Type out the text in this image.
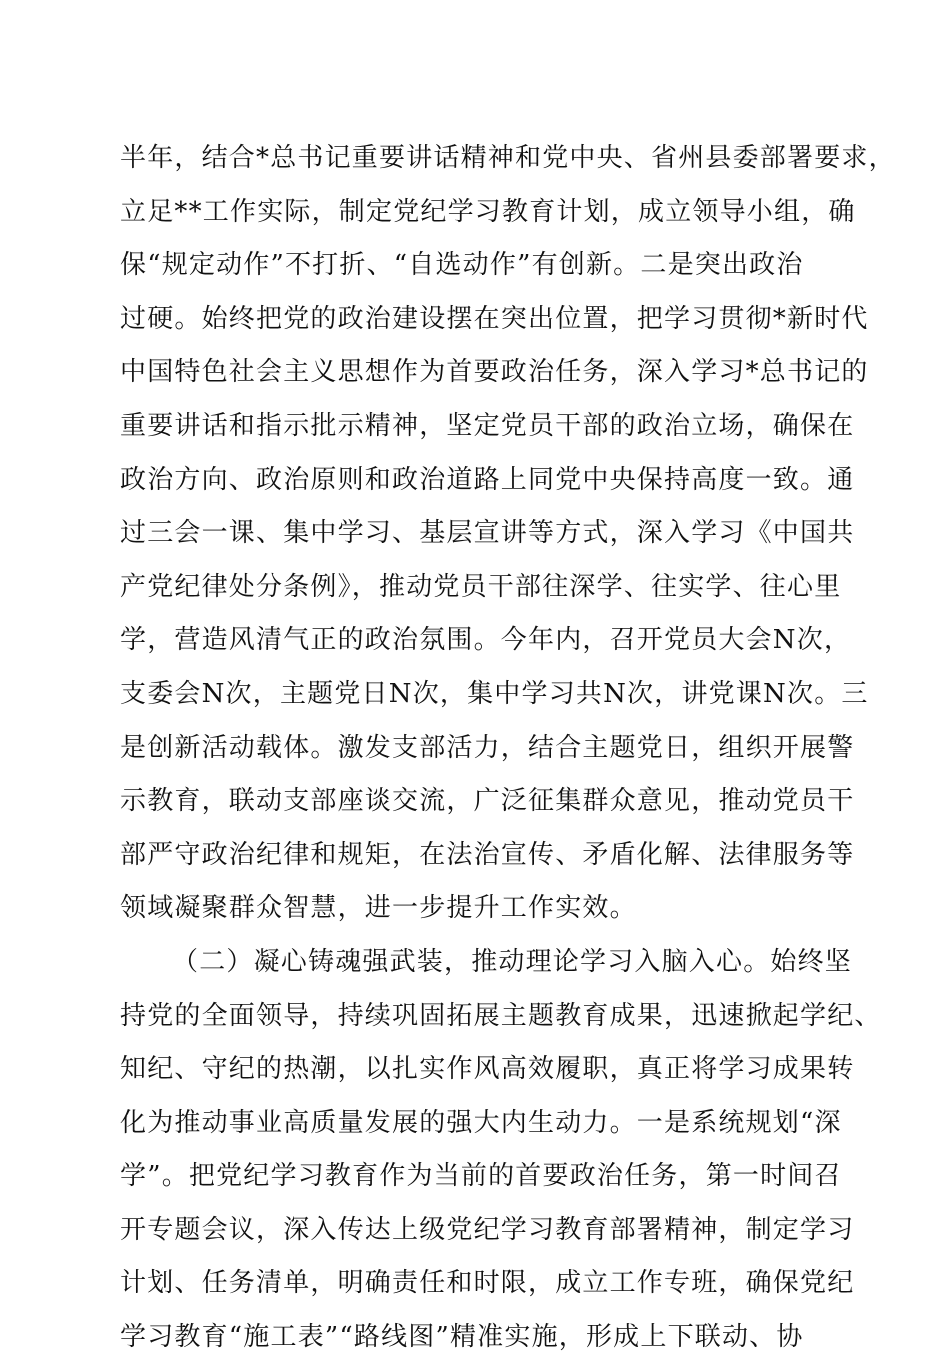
半年，结合*总书记重要讲话精神和党中央、省州县委部署要求，
立足**工作实际，制定党纪学习教育计划，成立领导小组，确
保“规定动作”不打折、“自选动作”有创新。二是突出政治
过硬。始终把党的政治建设摆在突出位置，把学习贯彻*新时代
中国特色社会主义思想作为首要政治任务，深入学习*总书记的
重要讲话和指示批示精神，坚定党员干部的政治立场，确保在
政治方向、政治原则和政治道路上同党中央保持高度一致。通
过三会一课、集中学习、基层宣讲等方式，深入学习《中国共
产党纪律处分条例》，推动党员干部往深学、往实学、往心里
学，营造风清气正的政治氛围。今年内，召开党员大会N次，
支委会N次，主题党日N次，集中学习共N次，讲党课N次。三
是创新活动载体。激发支部活力，结合主题党日，组织开展警
示教育，联动支部座谈交流，广泛征集群众意见，推动党员干
部严守政治纪律和规矩，在法治宣传、矛盾化解、法律服务等
领域凝聚群众智慧，进一步提升工作实效。
（二）凝心铸魂强武装，推动理论学习入脑入心。始终坚
持党的全面领导，持续巩固拓展主题教育成果，迅速掀起学纪、
知纪、守纪的热潮，以扎实作风高效履职，真正将学习成果转
化为推动事业高质量发展的强大内生动力。一是系统规划“深
学”。把党纪学习教育作为当前的首要政治任务，第一时间召
开专题会议，深入传达上级党纪学习教育部署精神，制定学习
计划、任务清单，明确责任和时限，成立工作专班，确保党纪
学习教育“施工表”“路线图”精准实施，形成上下联动、协
